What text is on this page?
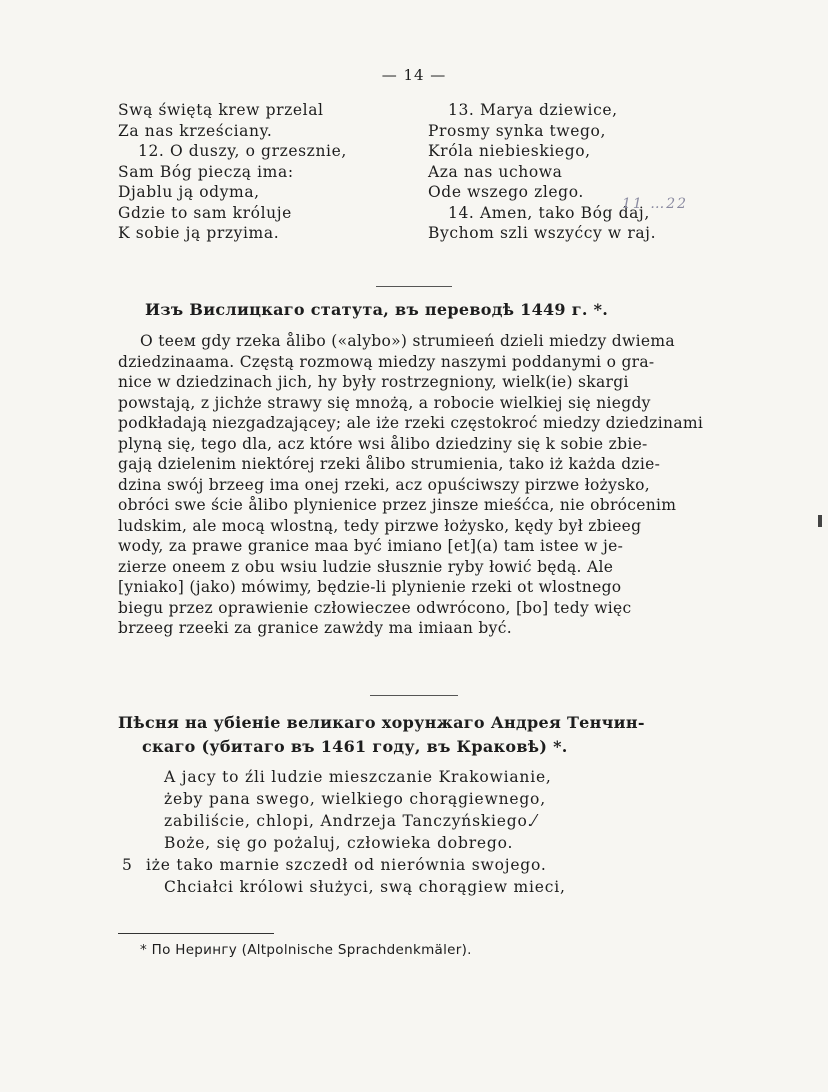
— 14 —
Swą świętą krew przelal
Za nas krześciany.
12. O duszy, o grzesznie,
Sam Bóg pieczą ima:
Djablu ją odyma,
Gdzie to sam króluje
K sobie ją przyima.
13. Marya dziewice,
Prosmy synka twego,
Króla niebieskiego,
Aza nas uchowa
Ode wszego zlego.
14. Amen, tako Bóg daj,
Bychom szli wszyćcy w raj.
11 …22
Изъ Вислицкаго статута, въ переводѣ 1449 г. *.
O tеем gdy rzeka ålibo («alybo») strumieeń dzieli miedzy dwiema
dziedzinaama. Częstą rozmową miedzy naszymi poddanymi o gra-
nice w dziedzinach jich, hy były rostrzegniony, wielk(ie) skargi
powstają, z jichże strawy się mnożą, a robocie wielkiej się niegdy
podkładają niezgadzającey; ale iże rzeki częstokroć miedzy dziedzinami
plyną się, tego dla, acz które wsi ålibo dziedziny się k sobie zbie-
gają dzielenim niektórej rzeki ålibo strumienia, tako iż każda dzie-
dzina swój brzeeg ima onej rzeki, acz opuściwszy pirzwe łożysko,
obróci swe ście ålibo plynienice przez jinsze mieśćca, nie obrócenim
ludskim, ale mocą wlostną, tedy pirzwe łożysko, kędy był zbieeg
wody, za prawe granice maa być imiano [et](a) tam istee w je-
zierze oneem z obu wsiu ludzie słusznie ryby łowić będą. Ale
[yniako] (jako) mówimy, będzie-li plynienie rzeki ot wlostnego
biegu przez oprawienie człowieczee odwrócono, [bo] tedy więc
brzeeg rzeeki za granice zawżdy ma imiaan być.
Пѣсня на убіеніе великаго хорунжаго Андрея Тенчин-
скаго (убитаго въ 1461 году, въ Краковѣ) *.
A jacy to źli ludzie mieszczanie Krakowianie,
żeby pana swego, wielkiego chorągiewnego,
zabiliście, chlopi, Andrzeja Tanczyńskiego.⁄
Boże, się go pożaluj, człowieka dobrego.
5 iże tako marnie szczedł od nierównia swojego.
Chciałci królowi służyci, swą chorągiew mieci,
* По Нерингу (Altpolnische Sprachdenkmäler).
